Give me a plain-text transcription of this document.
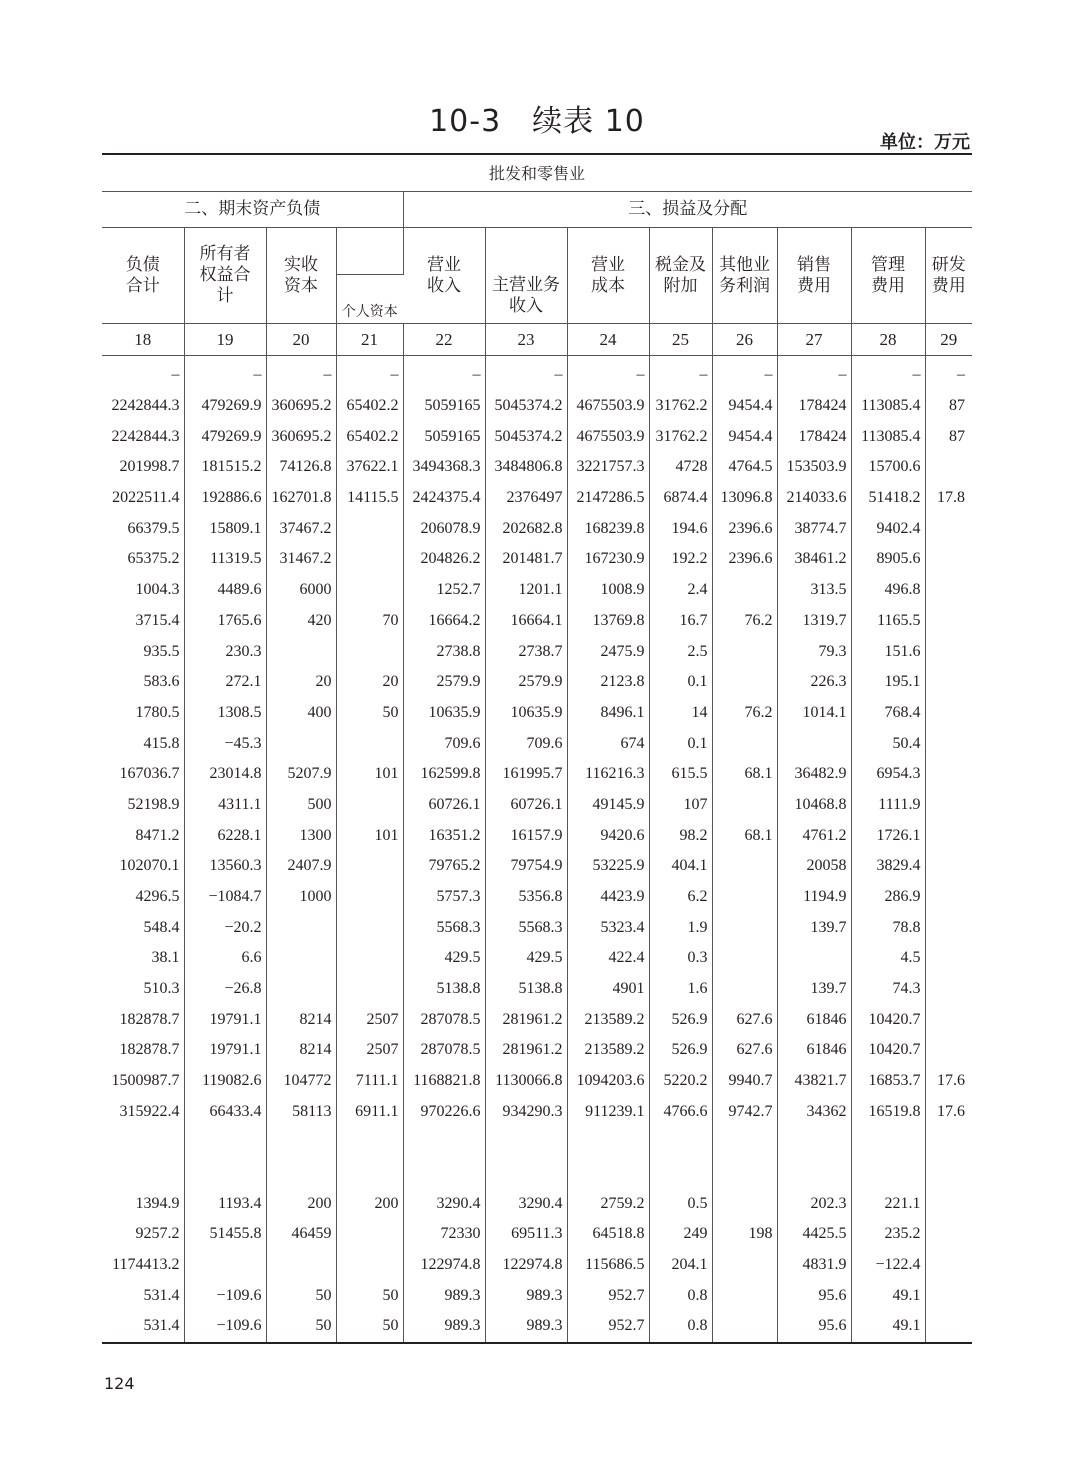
10-3　续表 10
单位：万元
批发和零售业											
二、期末资产负债				三、损益及分配							

负债合计	所有者权益合计	实收资本		营业收入	主营业务收入	营业成本	税金及附加	其他业务利润	销售费用	管理费用	研发费用

			个人资本								
18	19	20	21	22	23	24	25	26	27	28	29
–	–	–	–	–	–	–	–	–	–	–	–
2242844.3	479269.9	360695.2	65402.2	5059165	5045374.2	4675503.9	31762.2	9454.4	178424	113085.4	87
2242844.3	479269.9	360695.2	65402.2	5059165	5045374.2	4675503.9	31762.2	9454.4	178424	113085.4	87
201998.7	181515.2	74126.8	37622.1	3494368.3	3484806.8	3221757.3	4728	4764.5	153503.9	15700.6	
2022511.4	192886.6	162701.8	14115.5	2424375.4	2376497	2147286.5	6874.4	13096.8	214033.6	51418.2	17.8
66379.5	15809.1	37467.2		206078.9	202682.8	168239.8	194.6	2396.6	38774.7	9402.4	
65375.2	11319.5	31467.2		204826.2	201481.7	167230.9	192.2	2396.6	38461.2	8905.6	
1004.3	4489.6	6000		1252.7	1201.1	1008.9	2.4		313.5	496.8	
3715.4	1765.6	420	70	16664.2	16664.1	13769.8	16.7	76.2	1319.7	1165.5	
935.5	230.3			2738.8	2738.7	2475.9	2.5		79.3	151.6	
583.6	272.1	20	20	2579.9	2579.9	2123.8	0.1		226.3	195.1	
1780.5	1308.5	400	50	10635.9	10635.9	8496.1	14	76.2	1014.1	768.4	
415.8	−45.3			709.6	709.6	674	0.1			50.4	
167036.7	23014.8	5207.9	101	162599.8	161995.7	116216.3	615.5	68.1	36482.9	6954.3	
52198.9	4311.1	500		60726.1	60726.1	49145.9	107		10468.8	1111.9	
8471.2	6228.1	1300	101	16351.2	16157.9	9420.6	98.2	68.1	4761.2	1726.1	
102070.1	13560.3	2407.9		79765.2	79754.9	53225.9	404.1		20058	3829.4	
4296.5	−1084.7	1000		5757.3	5356.8	4423.9	6.2		1194.9	286.9	
548.4	−20.2			5568.3	5568.3	5323.4	1.9		139.7	78.8	
38.1	6.6			429.5	429.5	422.4	0.3			4.5	
510.3	−26.8			5138.8	5138.8	4901	1.6		139.7	74.3	
182878.7	19791.1	8214	2507	287078.5	281961.2	213589.2	526.9	627.6	61846	10420.7	
182878.7	19791.1	8214	2507	287078.5	281961.2	213589.2	526.9	627.6	61846	10420.7	
1500987.7	119082.6	104772	7111.1	1168821.8	1130066.8	1094203.6	5220.2	9940.7	43821.7	16853.7	17.6
315922.4	66433.4	58113	6911.1	970226.6	934290.3	911239.1	4766.6	9742.7	34362	16519.8	17.6

1394.9	1193.4	200	200	3290.4	3290.4	2759.2	0.5		202.3	221.1	
9257.2	51455.8	46459		72330	69511.3	64518.8	249	198	4425.5	235.2	
1174413.2				122974.8	122974.8	115686.5	204.1		4831.9	−122.4	
531.4	−109.6	50	50	989.3	989.3	952.7	0.8		95.6	49.1	
531.4	−109.6	50	50	989.3	989.3	952.7	0.8		95.6	49.1	
124
